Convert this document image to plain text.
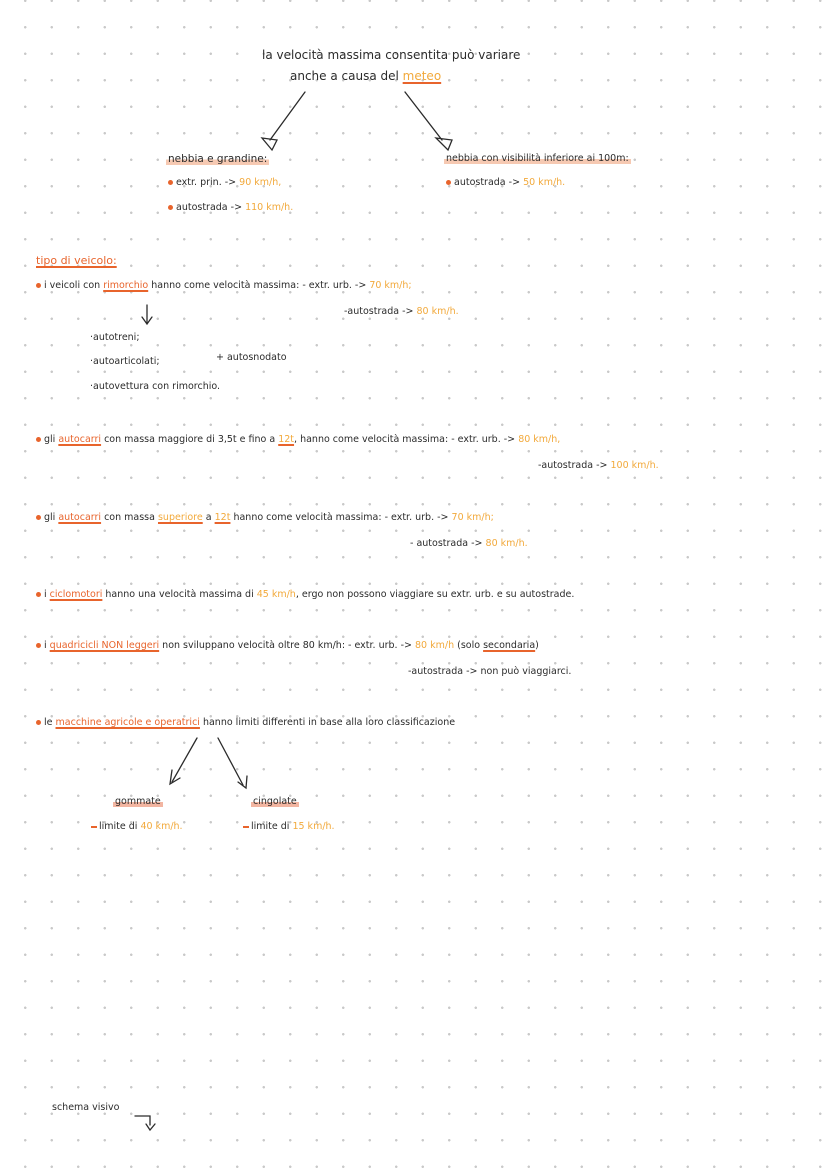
la velocità massima consentita può variare
anche a causa del meteo
nebbia e grandine:
extr. prin. -> 90 km/h,
autostrada -> 110 km/h.
nebbia con visibilità inferiore ai 100m:
autostrada -> 50 km/h.
tipo di veicolo:
i veicoli con rimorchio hanno come velocità massima: - extr. urb. -> 70 km/h;
-autostrada -> 80 km/h.
·autotreni;
·autoarticolati;
·autovettura con rimorchio.
+ autosnodato
gli autocarri con massa maggiore di 3,5t e fino a 12t, hanno come velocità massima: - extr. urb. -> 80 km/h,
-autostrada -> 100 km/h.
gli autocarri con massa superiore a 12t hanno come velocità massima: - extr. urb. -> 70 km/h;
- autostrada -> 80 km/h.
i ciclomotori hanno una velocità massima di 45 km/h, ergo non possono viaggiare su extr. urb. e su autostrade.
i quadricicli NON leggeri non sviluppano velocità oltre 80 km/h: - extr. urb. -> 80 km/h (solo secondaria)
-autostrada -> non può viaggiarci.
le macchine agricole e operatrici hanno limiti differenti in base alla loro classificazione
gommate
limite di 40 km/h.
cingolate
limite di 15 km/h.
schema visivo
